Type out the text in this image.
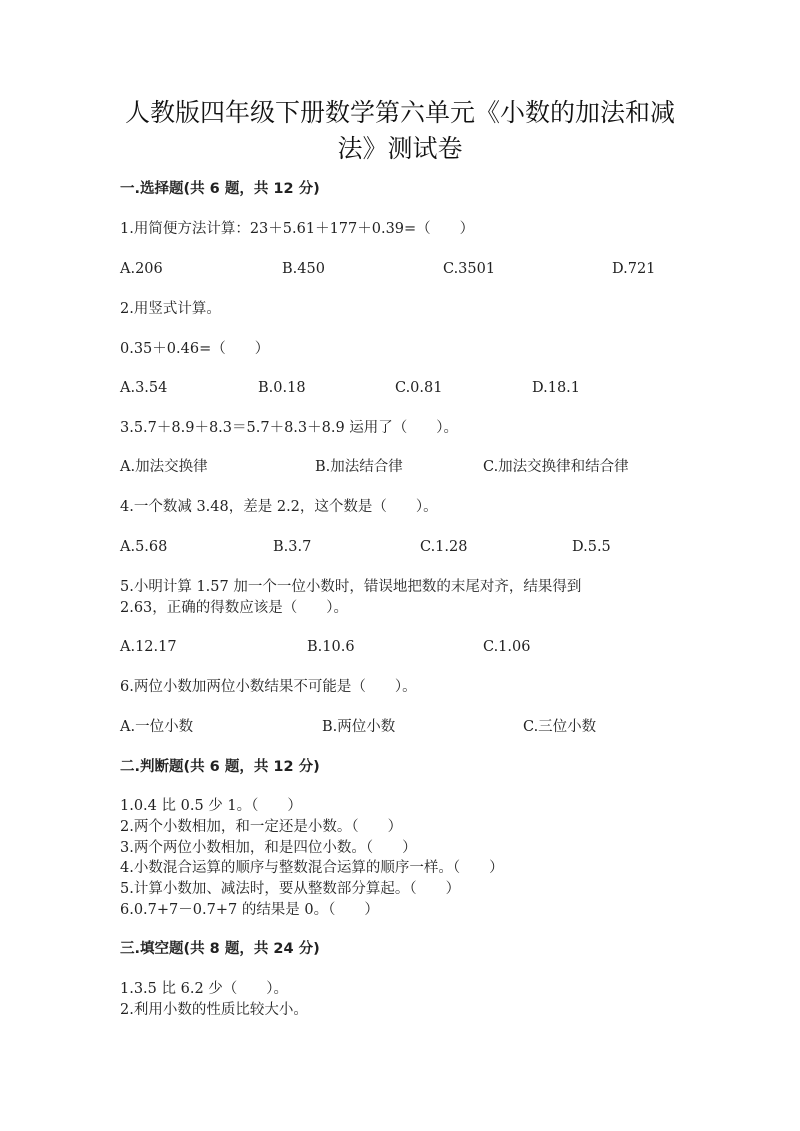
人教版四年级下册数学第六单元《小数的加法和减
法》测试卷
一.选择题(共 6 题，共 12 分)
1.用简便方法计算：23＋5.61＋177＋0.39=（　　）
A.206	B.450	C.3501	D.721
2.用竖式计算。
0.35＋0.46=（　　）
A.3.54	B.0.18	C.0.81	D.18.1
3.5.7＋8.9＋8.3＝5.7＋8.3＋8.9 运用了（　　）。
A.加法交换律	B.加法结合律	C.加法交换律和结合律
4.一个数减 3.48，差是 2.2，这个数是（　　）。
A.5.68	B.3.7	C.1.28	D.5.5
5.小明计算 1.57 加一个一位小数时，错误地把数的末尾对齐，结果得到
2.63，正确的得数应该是（　　）。
A.12.17	B.10.6	C.1.06
6.两位小数加两位小数结果不可能是（　　）。
A.一位小数	B.两位小数	C.三位小数
二.判断题(共 6 题，共 12 分)
1.0.4 比 0.5 少 1。（　　）
2.两个小数相加，和一定还是小数。（　　）
3.两个两位小数相加，和是四位小数。（　　）
4.小数混合运算的顺序与整数混合运算的顺序一样。（　　）
5.计算小数加、减法时，要从整数部分算起。（　　）
6.0.7+7－0.7+7 的结果是 0。（　　）
三.填空题(共 8 题，共 24 分)
1.3.5 比 6.2 少（　　）。
2.利用小数的性质比较大小。
